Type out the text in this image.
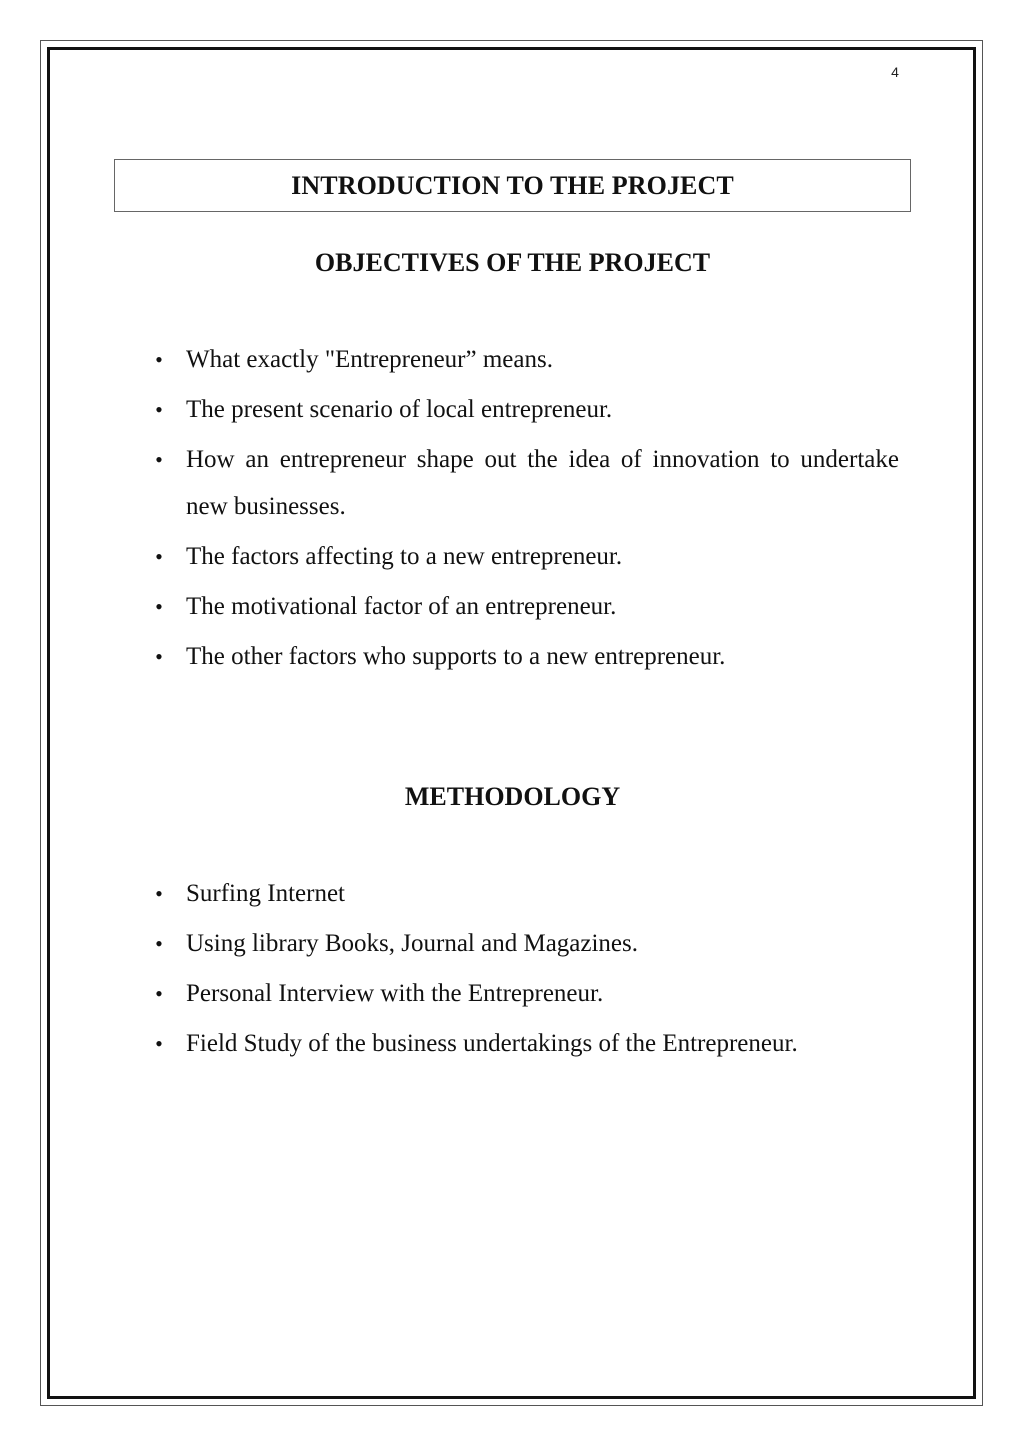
4
INTRODUCTION TO THE PROJECT
OBJECTIVES OF THE PROJECT
• What exactly "Entrepreneur” means.
• The present scenario of local entrepreneur.
• How an entrepreneur shape out the idea of innovation to undertake new businesses.
• The factors affecting to a new entrepreneur.
• The motivational factor of an entrepreneur.
• The other factors who supports to a new entrepreneur.
METHODOLOGY
• Surfing Internet
• Using library Books, Journal and Magazines.
• Personal Interview with the Entrepreneur.
• Field Study of the business undertakings of the Entrepreneur.
